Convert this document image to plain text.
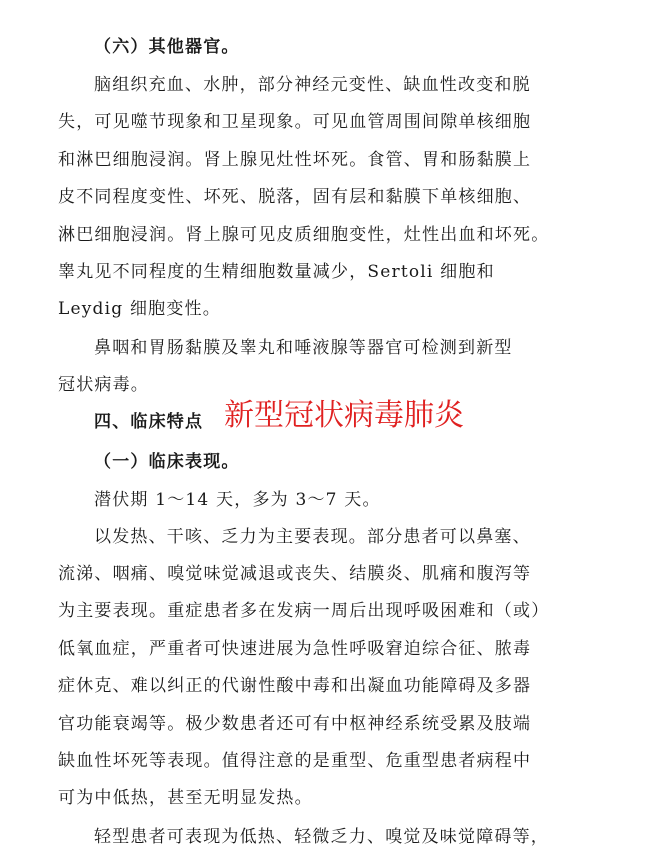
（六）其他器官。
脑组织充血、水肿，部分神经元变性、缺血性改变和脱
失，可见噬节现象和卫星现象。可见血管周围间隙单核细胞
和淋巴细胞浸润。肾上腺见灶性坏死。食管、胃和肠黏膜上
皮不同程度变性、坏死、脱落，固有层和黏膜下单核细胞、
淋巴细胞浸润。肾上腺可见皮质细胞变性，灶性出血和坏死。
睾丸见不同程度的生精细胞数量减少，Sertoli 细胞和
Leydig 细胞变性。
鼻咽和胃肠黏膜及睾丸和唾液腺等器官可检测到新型
冠状病毒。
四、临床特点 新型冠状病毒肺炎
（一）临床表现。
潜伏期 1～14 天，多为 3～7 天。
以发热、干咳、乏力为主要表现。部分患者可以鼻塞、
流涕、咽痛、嗅觉味觉减退或丧失、结膜炎、肌痛和腹泻等
为主要表现。重症患者多在发病一周后出现呼吸困难和（或）
低氧血症，严重者可快速进展为急性呼吸窘迫综合征、脓毒
症休克、难以纠正的代谢性酸中毒和出凝血功能障碍及多器
官功能衰竭等。极少数患者还可有中枢神经系统受累及肢端
缺血性坏死等表现。值得注意的是重型、危重型患者病程中
可为中低热，甚至无明显发热。
轻型患者可表现为低热、轻微乏力、嗅觉及味觉障碍等，
